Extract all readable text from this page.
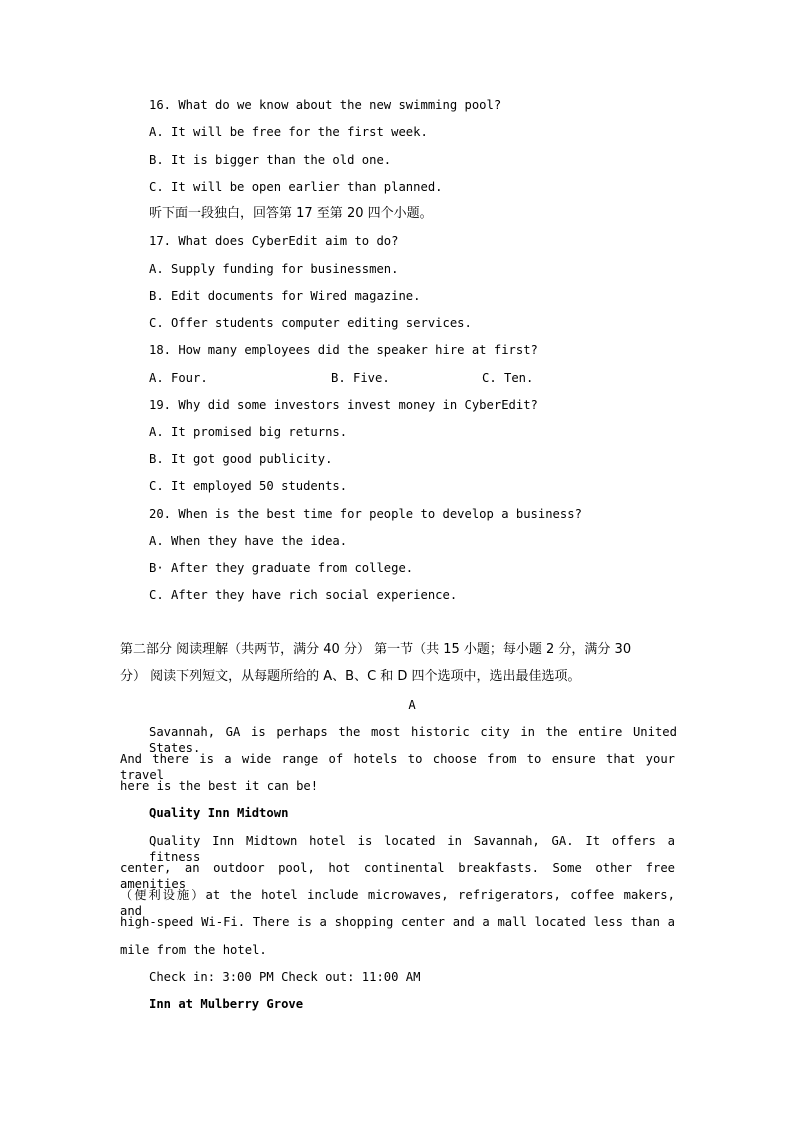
16. What do we know about the new swimming pool?
A. It will be free for the first week.
B. It is bigger than the old one.
C. It will be open earlier than planned.
听下面一段独白，回答第 17 至第 20 四个小题。
17. What does CyberEdit aim to do?
A. Supply funding for businessmen.
B. Edit documents for Wired magazine.
C. Offer students computer editing services.
18. How many employees did the speaker hire at first?
A. Four.	B. Five.	C. Ten.
19. Why did some investors invest money in CyberEdit?
A. It promised big returns.
B. It got good publicity.
C. It employed 50 students.
20. When is the best time for people to develop a business?
A. When they have the idea.
B· After they graduate from college.
C. After they have rich social experience.
第二部分 阅读理解（共两节，满分 40 分） 第一节（共 15 小题；每小题 2 分，满分 30
分） 阅读下列短文，从每题所给的 A、B、C 和 D 四个选项中，选出最佳选项。
A
Savannah, GA is perhaps the most historic city in the entire United States.
And there is a wide range of hotels to choose from to ensure that your travel
here is the best it can be!
Quality Inn Midtown
Quality Inn Midtown hotel is located in Savannah, GA. It offers a fitness
center, an outdoor pool, hot continental breakfasts. Some other free amenities
（便利设施）at the hotel include microwaves, refrigerators, coffee makers, and
high-speed Wi-Fi. There is a shopping center and a mall located less than a
mile from the hotel.
Check in: 3:00 PM Check out: 11:00 AM
Inn at Mulberry Grove
